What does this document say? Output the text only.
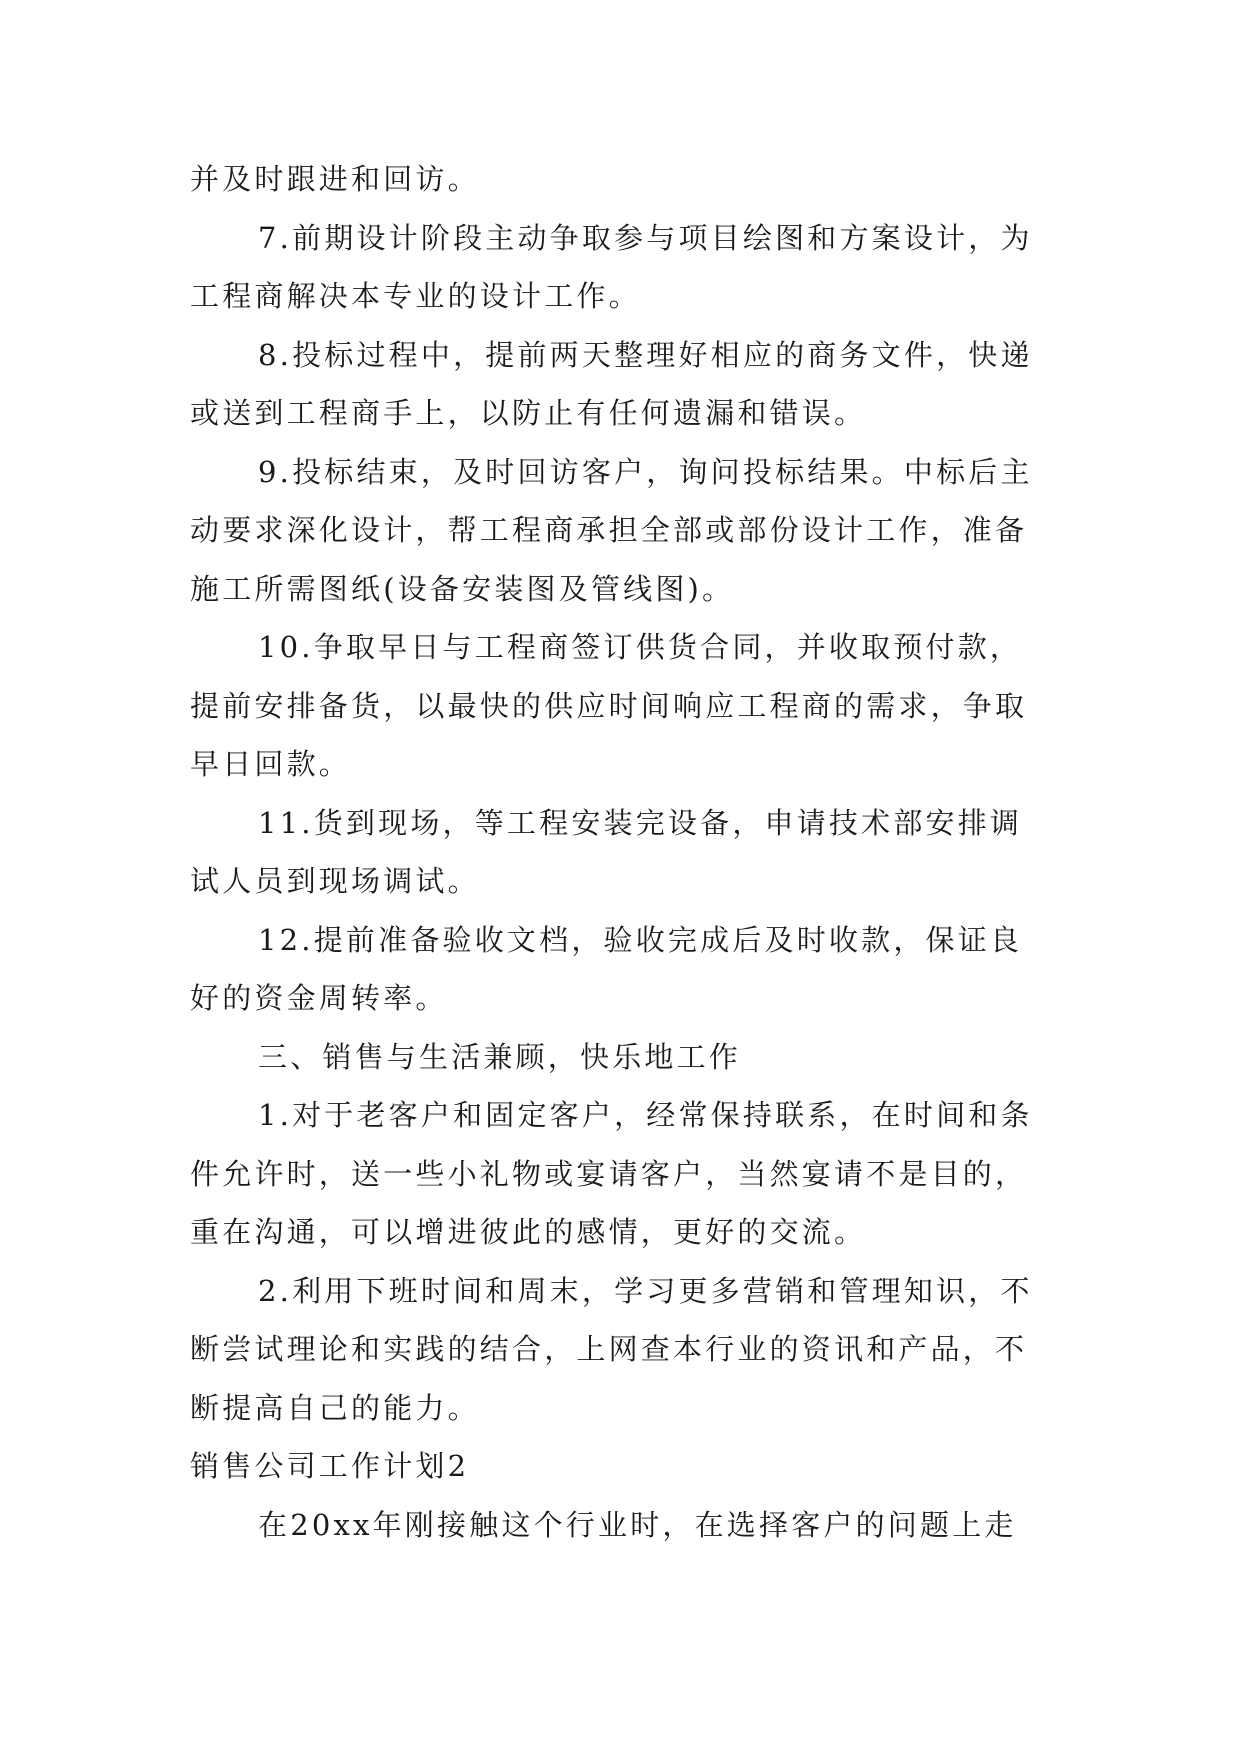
并及时跟进和回访。
7.前期设计阶段主动争取参与项目绘图和方案设计，为
工程商解决本专业的设计工作。
8.投标过程中，提前两天整理好相应的商务文件，快递
或送到工程商手上，以防止有任何遗漏和错误。
9.投标结束，及时回访客户，询问投标结果。中标后主
动要求深化设计，帮工程商承担全部或部份设计工作，准备
施工所需图纸(设备安装图及管线图)。
10.争取早日与工程商签订供货合同，并收取预付款，
提前安排备货，以最快的供应时间响应工程商的需求，争取
早日回款。
11.货到现场，等工程安装完设备，申请技术部安排调
试人员到现场调试。
12.提前准备验收文档，验收完成后及时收款，保证良
好的资金周转率。
三、销售与生活兼顾，快乐地工作
1.对于老客户和固定客户，经常保持联系，在时间和条
件允许时，送一些小礼物或宴请客户，当然宴请不是目的，
重在沟通，可以增进彼此的感情，更好的交流。
2.利用下班时间和周末，学习更多营销和管理知识，不
断尝试理论和实践的结合，上网查本行业的资讯和产品，不
断提高自己的能力。
销售公司工作计划2
在20xx年刚接触这个行业时，在选择客户的问题上走
